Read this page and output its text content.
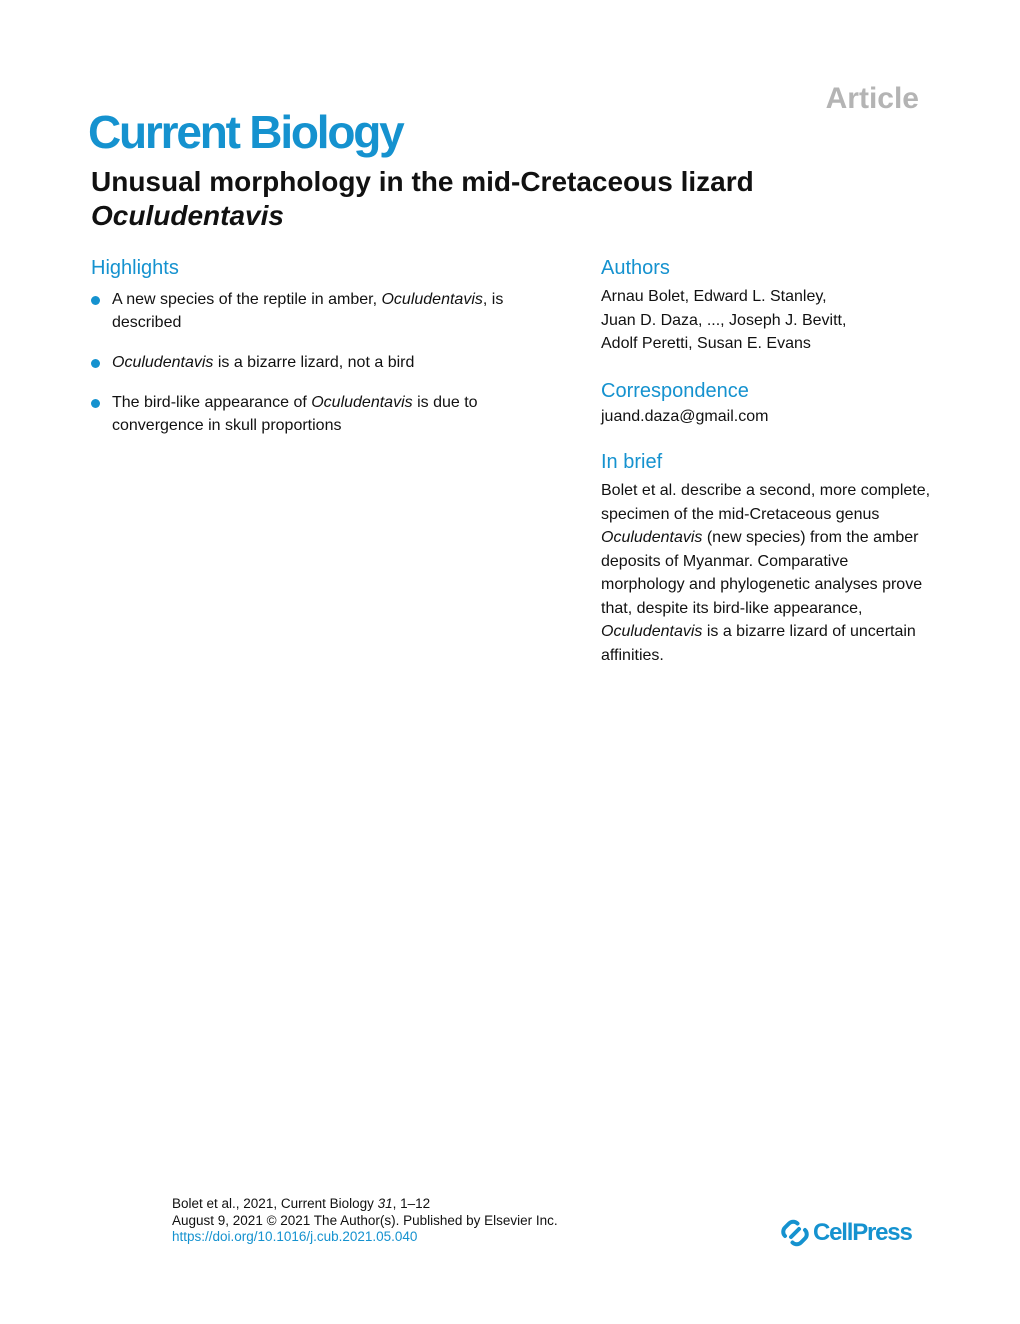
Article
Current Biology
Unusual morphology in the mid-Cretaceous lizard
Oculudentavis
Highlights
A new species of the reptile in amber, Oculudentavis, is described
Oculudentavis is a bizarre lizard, not a bird
The bird-like appearance of Oculudentavis is due to convergence in skull proportions
Authors

Arnau Bolet, Edward L. Stanley,
Juan D. Daza, ..., Joseph J. Bevitt,
Adolf Peretti, Susan E. Evans

Correspondence

juand.daza@gmail.com

In brief

Bolet et al. describe a second, more complete, specimen of the mid-Cretaceous genus Oculudentavis (new species) from the amber deposits of Myanmar. Comparative morphology and phylogenetic analyses prove that, despite its bird-like appearance, Oculudentavis is a bizarre lizard of uncertain affinities.

Bolet et al., 2021, Current Biology 31, 1–12
August 9, 2021 © 2021 The Author(s). Published by Elsevier Inc.
https://doi.org/10.1016/j.cub.2021.05.040	CellPress
